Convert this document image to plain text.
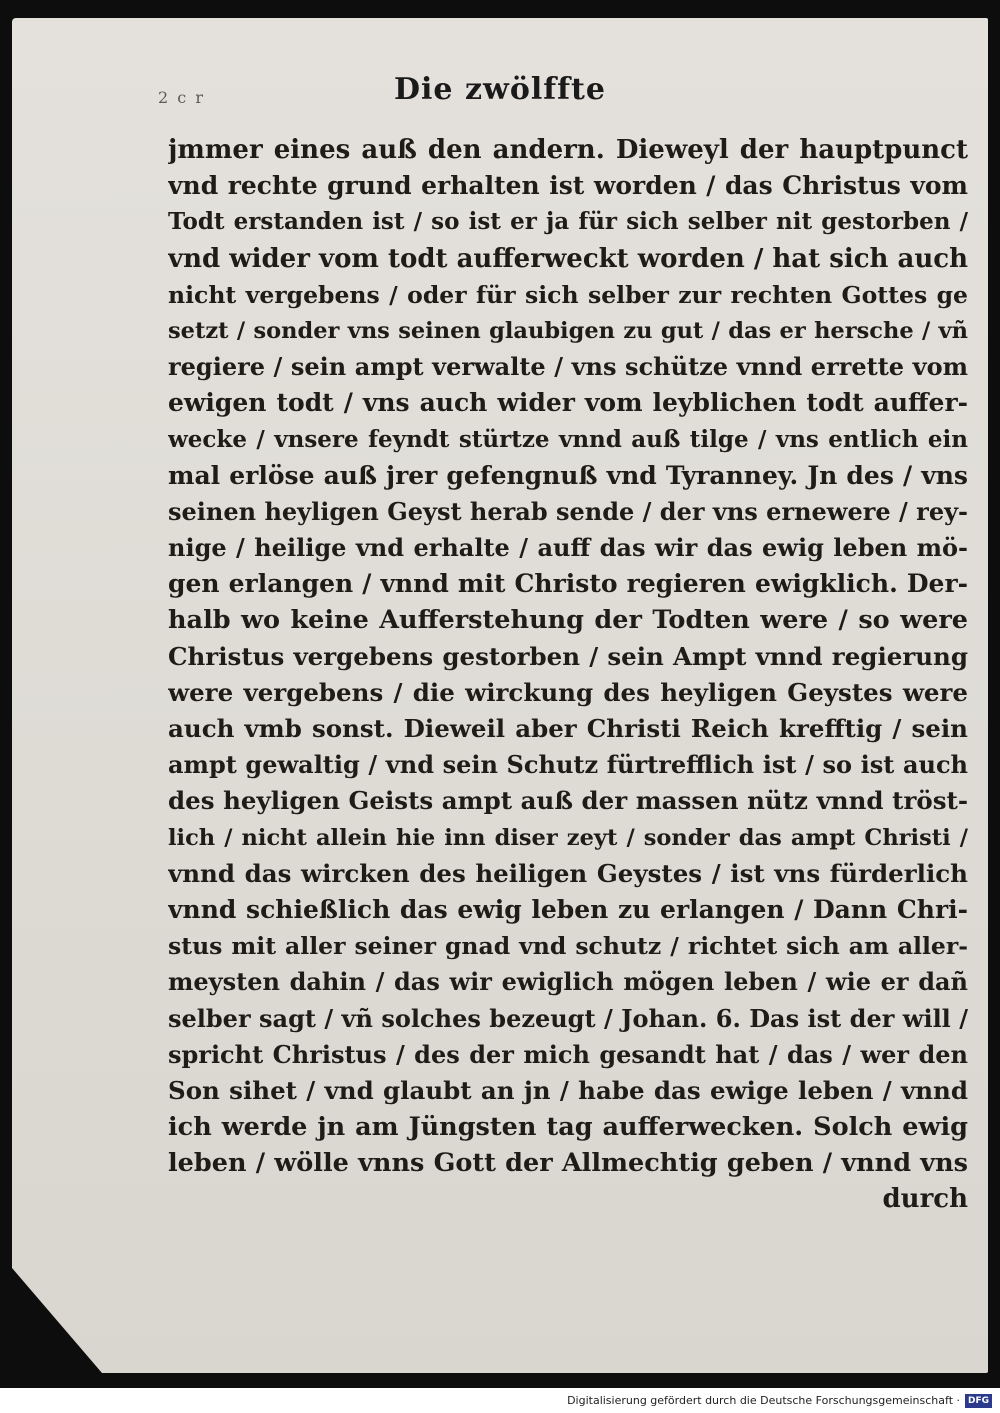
2 c r	Die zwölffte
jmmer eines auß den andern. Dieweyl der hauptpunct
vnd rechte grund erhalten ist worden / das Christus vom
Todt erstanden ist / so ist er ja für sich selber nit gestorben /
vnd wider vom todt aufferweckt worden / hat sich auch
nicht vergebens / oder für sich selber zur rechten Gottes ge
setzt / sonder vns seinen glaubigen zu gut / das er hersche / vñ
regiere / sein ampt verwalte / vns schütze vnnd errette vom
ewigen todt / vns auch wider vom leyblichen todt auffer-
wecke / vnsere feyndt stürtze vnnd auß tilge / vns entlich ein
mal erlöse auß jrer gefengnuß vnd Tyranney. Jn des / vns
seinen heyligen Geyst herab sende / der vns ernewere / rey-
nige / heilige vnd erhalte / auff das wir das ewig leben mö-
gen erlangen / vnnd mit Christo regieren ewigklich. Der-
halb wo keine Aufferstehung der Todten were / so were
Christus vergebens gestorben / sein Ampt vnnd regierung
were vergebens / die wirckung des heyligen Geystes were
auch vmb sonst. Dieweil aber Christi Reich krefftig / sein
ampt gewaltig / vnd sein Schutz fürtrefflich ist / so ist auch
des heyligen Geists ampt auß der massen nütz vnnd tröst-
lich / nicht allein hie inn diser zeyt / sonder das ampt Christi /
vnnd das wircken des heiligen Geystes / ist vns fürderlich
vnnd schießlich das ewig leben zu erlangen / Dann Chri-
stus mit aller seiner gnad vnd schutz / richtet sich am aller-
meysten dahin / das wir ewiglich mögen leben / wie er dañ
selber sagt / vñ solches bezeugt / Johan. 6. Das ist der will /
spricht Christus / des der mich gesandt hat / das / wer den
Son sihet / vnd glaubt an jn / habe das ewige leben / vnnd
ich werde jn am Jüngsten tag aufferwecken. Solch ewig
leben / wölle vnns Gott der Allmechtig geben / vnnd vns
durch
Digitalisierung gefördert durch die Deutsche Forschungsgemeinschaft · DFG
